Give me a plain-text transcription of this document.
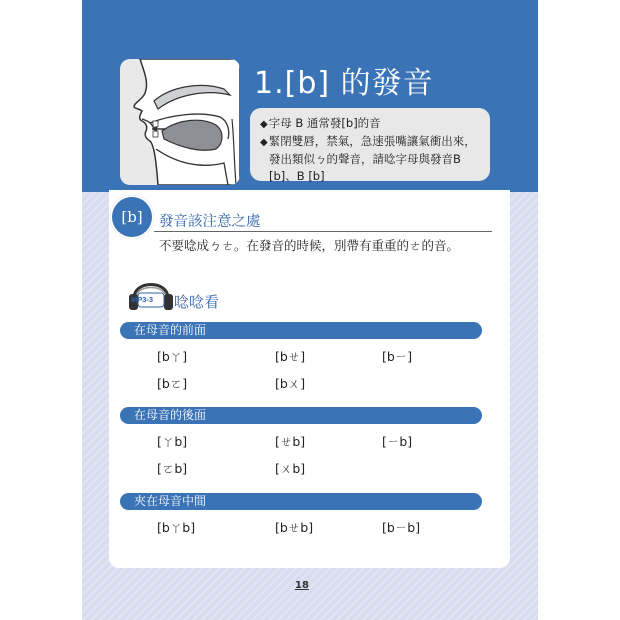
1.[b] 的發音
◆字母 B 通常發[b]的音
◆緊閉雙唇，禁氣，急速張嘴讓氣衝出來，
發出類似ㄅ的聲音，請唸字母與發音B
[b]、B [b]
[b]	發音該注意之處
不要唸成ㄅㄜ。在發音的時候，別帶有重重的ㄜ的音。
MP3-3 唸唸看
在母音的前面
[bㄚ]	[bㄝ]	[bㄧ]
[bㄛ]	[bㄨ]
在母音的後面
[ㄚb]	[ㄝb]	[ㄧb]
[ㄛb]	[ㄨb]
夾在母音中間
[bㄚb]	[bㄝb]	[bㄧb]
18
